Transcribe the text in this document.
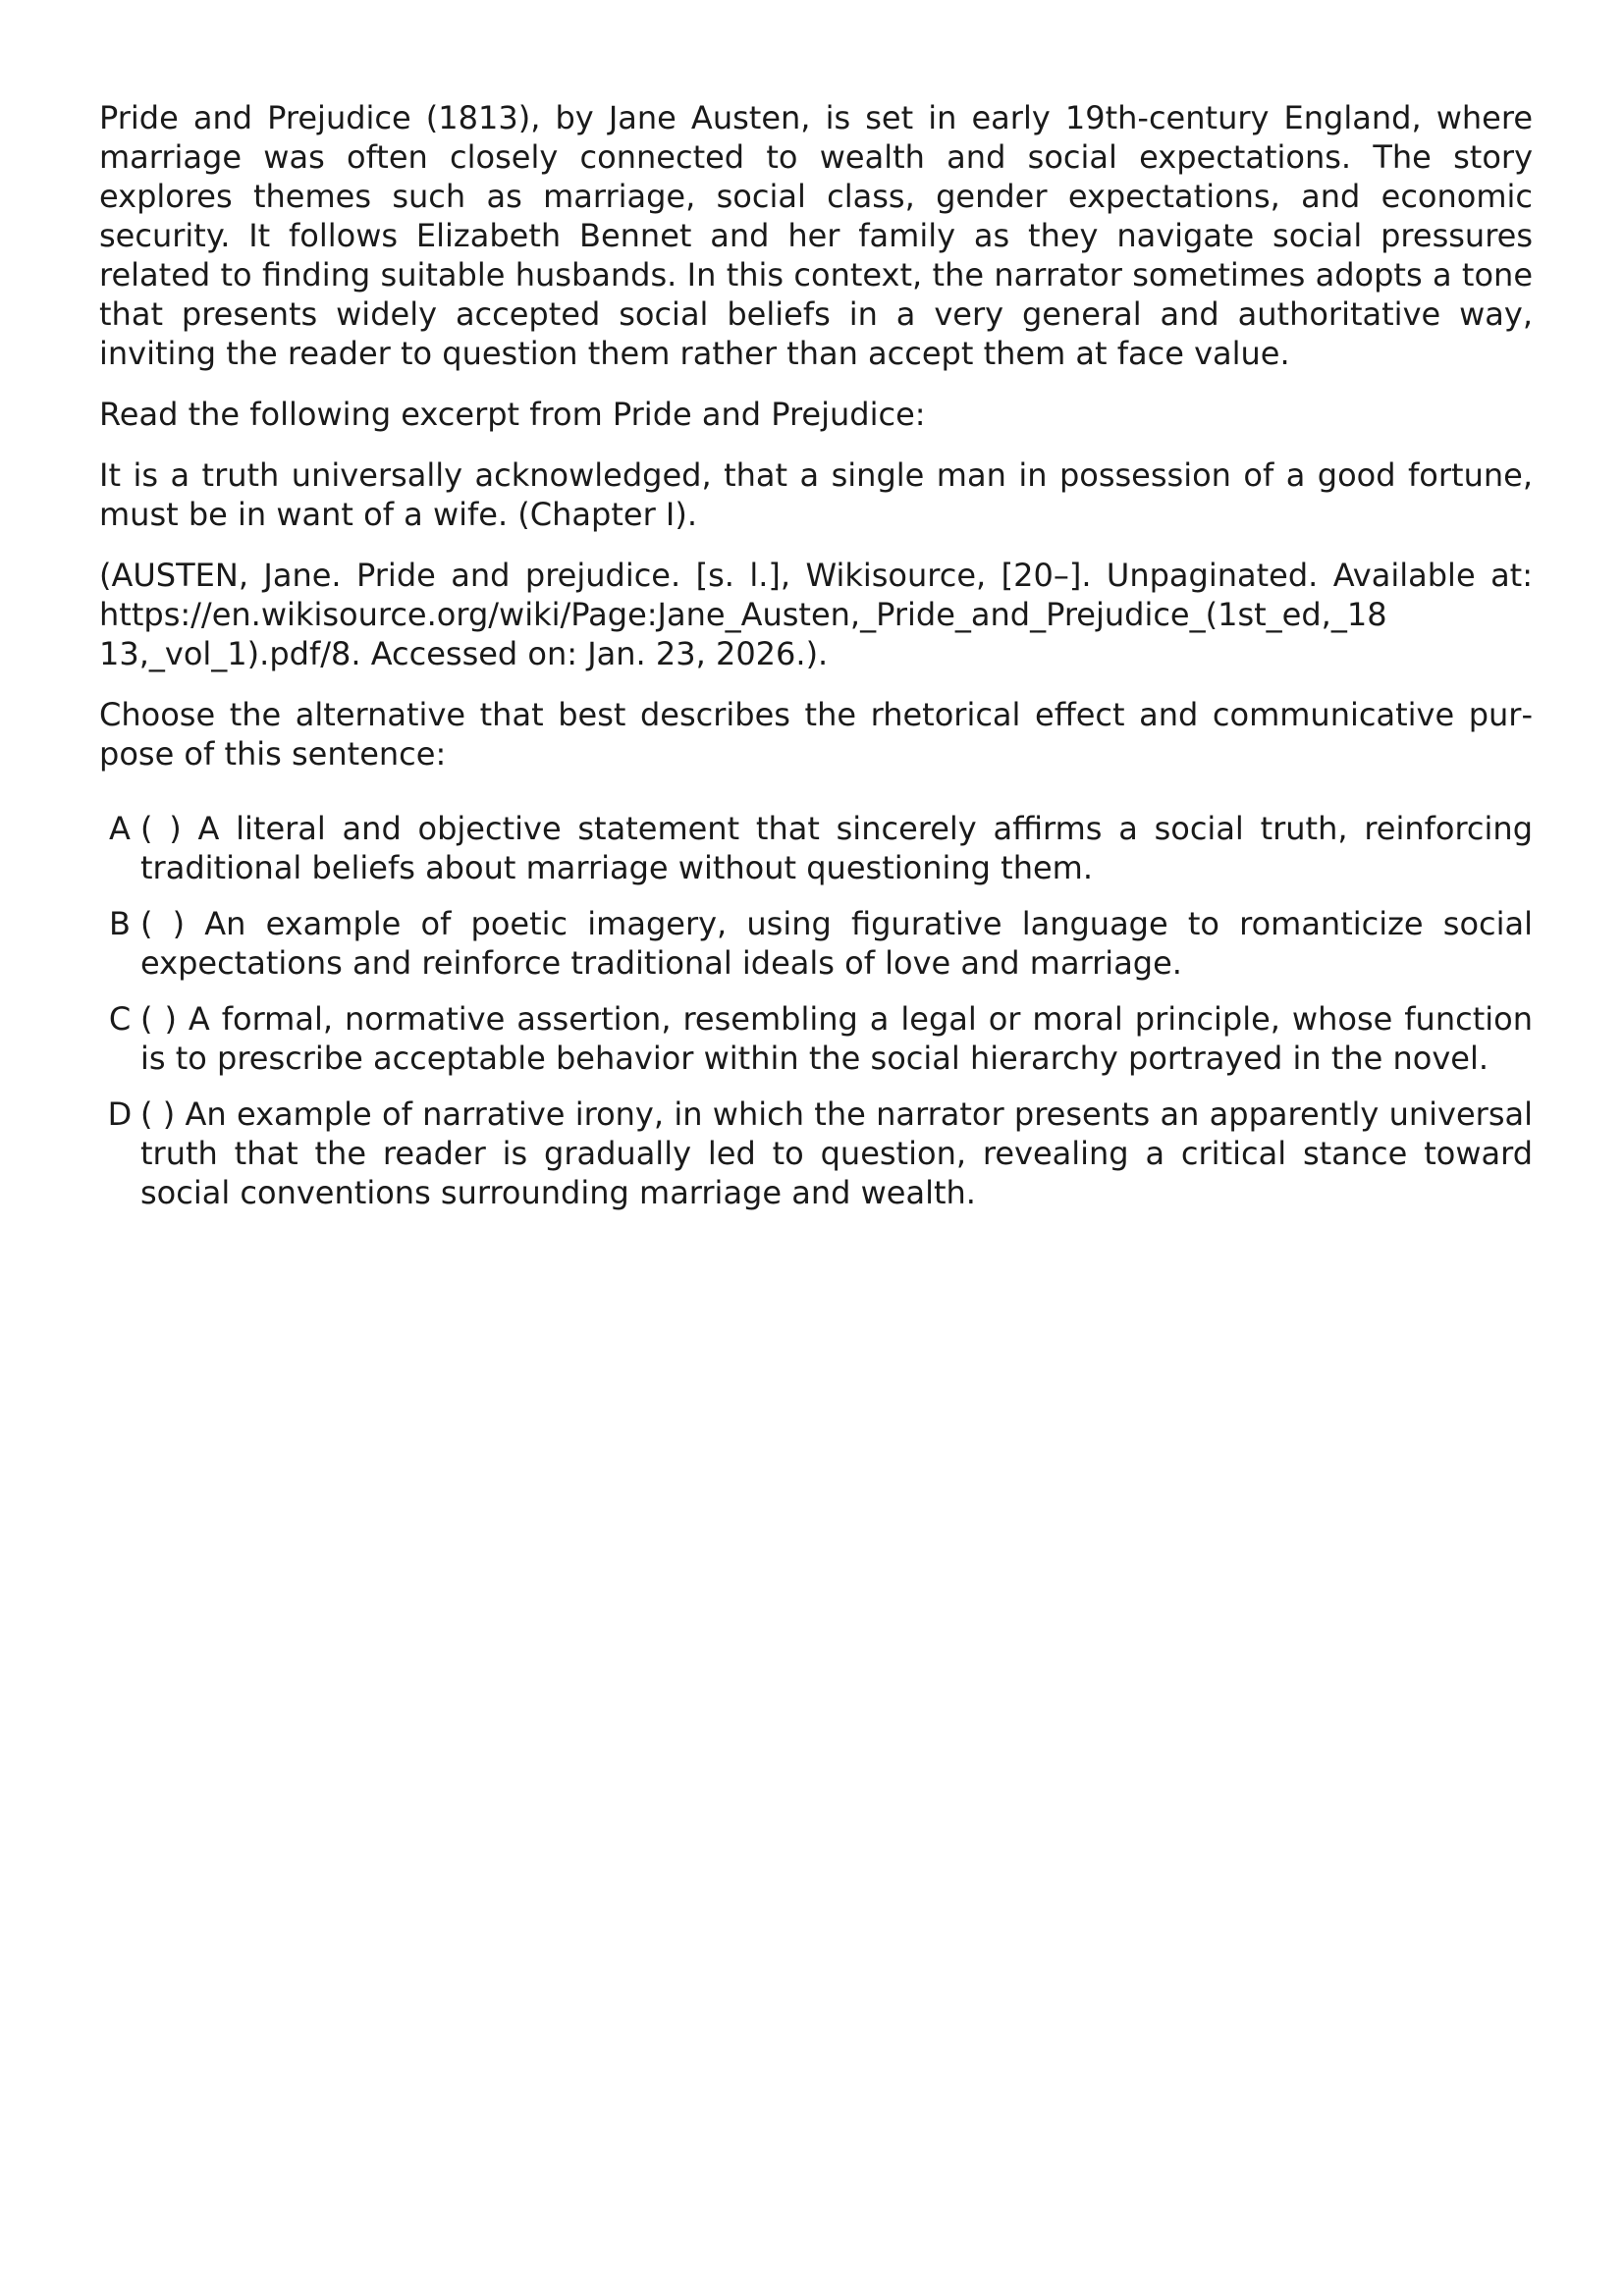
Pride and Prejudice (1813), by Jane Austen, is set in early 19th-century England, where marriage was often closely connected to wealth and social expectations. The story explores themes such as marriage, social class, gender expectations, and economic security. It follows Elizabeth Bennet and her family as they navigate social pressures related to finding suitable husbands. In this context, the narrator sometimes adopts a tone that presents widely accepted social beliefs in a very general and authoritative way, inviting the reader to question them rather than accept them at face value.

Read the following excerpt from Pride and Prejudice:

It is a truth universally acknowledged, that a single man in possession of a good fortune, must be in want of a wife. (Chapter I).

(AUSTEN, Jane. Pride and prejudice. [s. l.], Wikisource, [20–]. Unpaginated. Available at: https://en.wikisource.org/wiki/Page:Jane_Austen,_Pride_and_Prejudice_(1st_ed,_18​13,_vol_1).pdf/8. Accessed on: Jan. 23, 2026.).

Choose the alternative that best describes the rhetorical effect and communicative purpose of this sentence:

A ( ) A literal and objective statement that sincerely affirms a social truth, reinforcing traditional beliefs about marriage without questioning them.
B ( ) An example of poetic imagery, using figurative language to romanticize social expectations and reinforce traditional ideals of love and marriage.
C ( ) A formal, normative assertion, resembling a legal or moral principle, whose function is to prescribe acceptable behavior within the social hierarchy portrayed in the novel.
D ( ) An example of narrative irony, in which the narrator presents an apparently universal truth that the reader is gradually led to question, revealing a critical stance toward social conventions surrounding marriage and wealth.
